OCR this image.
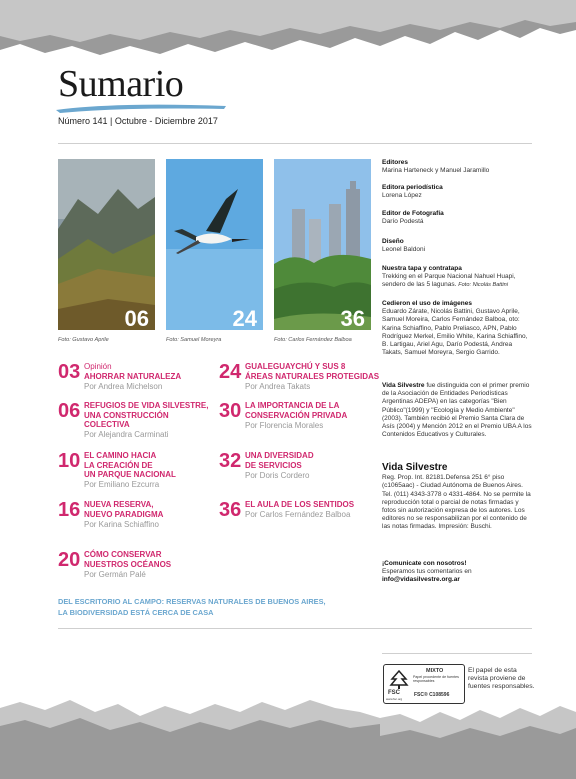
Sumario
Número 141 | Octubre - Diciembre 2017
06	24	36
Foto: Gustavo Aprile	Foto: Samuel Moreyra	Foto: Carlos Fernández Balboa
03 Opinión
AHORRAR NATURALEZA
Por Andrea Michelson
06 REFUGIOS DE VIDA SILVESTRE,
UNA CONSTRUCCIÓN
COLECTIVA
Por Alejandra Carminati
10 EL CAMINO HACIA
LA CREACIÓN DE
UN PARQUE NACIONAL
Por Emiliano Ezcurra
16 NUEVA RESERVA,
NUEVO PARADIGMA
Por Karina Schiaffino
20 CÓMO CONSERVAR
NUESTROS OCÉANOS
Por Germán Palé
24 GUALEGUAYCHÚ Y SUS 8
ÁREAS NATURALES PROTEGIDAS
Por Andrea Takats
30 LA IMPORTANCIA DE LA
CONSERVACIÓN PRIVADA
Por Florencia Morales
32 UNA DIVERSIDAD
DE SERVICIOS
Por Doris Cordero
36 EL AULA DE LOS SENTIDOS
Por Carlos Fernández Balboa
DEL ESCRITORIO AL CAMPO: RESERVAS NATURALES DE BUENOS AIRES,
LA BIODIVERSIDAD ESTÁ CERCA DE CASA
Editores
Marina Harteneck y Manuel Jaramillo
Editora periodística
Lorena López
Editor de Fotografía
Darío Podestá
Diseño
Leonel Baldoni
Nuestra tapa y contratapa
Trekking en el Parque Nacional Nahuel Huapi, sendero de las 5 lagunas. Foto: Nicolás Battini
Cedieron el uso de imágenes
Eduardo Zárate, Nicolás Battini, Gustavo Aprile, Samuel Moreira, Carlos Fernández Balboa, oto: Karina Schiaffino, Pablo Preliasco, APN, Pablo Rodríguez Merkel, Emilio White, Karina Schiaffino, B. Lartigau, Ariel Agu, Darío Podestá, Andrea Takats, Samuel Moreyra, Sergio Garrido.
Vida Silvestre fue distinguida con el primer premio de la Asociación de Entidades Periodísticas Argentinas ADEPA) en las categorías "Bien Público"(1999) y "Ecología y Medio Ambiente" (2003). También recibió el Premio Santa Clara de Asís (2004) y Mención 2012 en el Premio UBA A los Contenidos Educativos y Culturales.
Vida Silvestre
Reg. Prop. Int. 82181.Defensa 251 6° piso (c1065aac) - Ciudad Autónoma de Buenos Aires. Tel. (011) 4343-3778 o 4331-4864. No se permite la reproducción total o parcial de notas firmadas y fotos sin autorización expresa de los autores. Los editores no se responsabilizan por el contenido de las notas firmadas. Impresión: Buschi.
¡Comunicate con nosotros!
Esperamos tus comentarios en
info@vidasilvestre.org.ar
FSC
www.fsc.org
MIXTO
Papel procedente de fuentes responsables
FSC® C108596
El papel de esta revista proviene de fuentes responsables.
